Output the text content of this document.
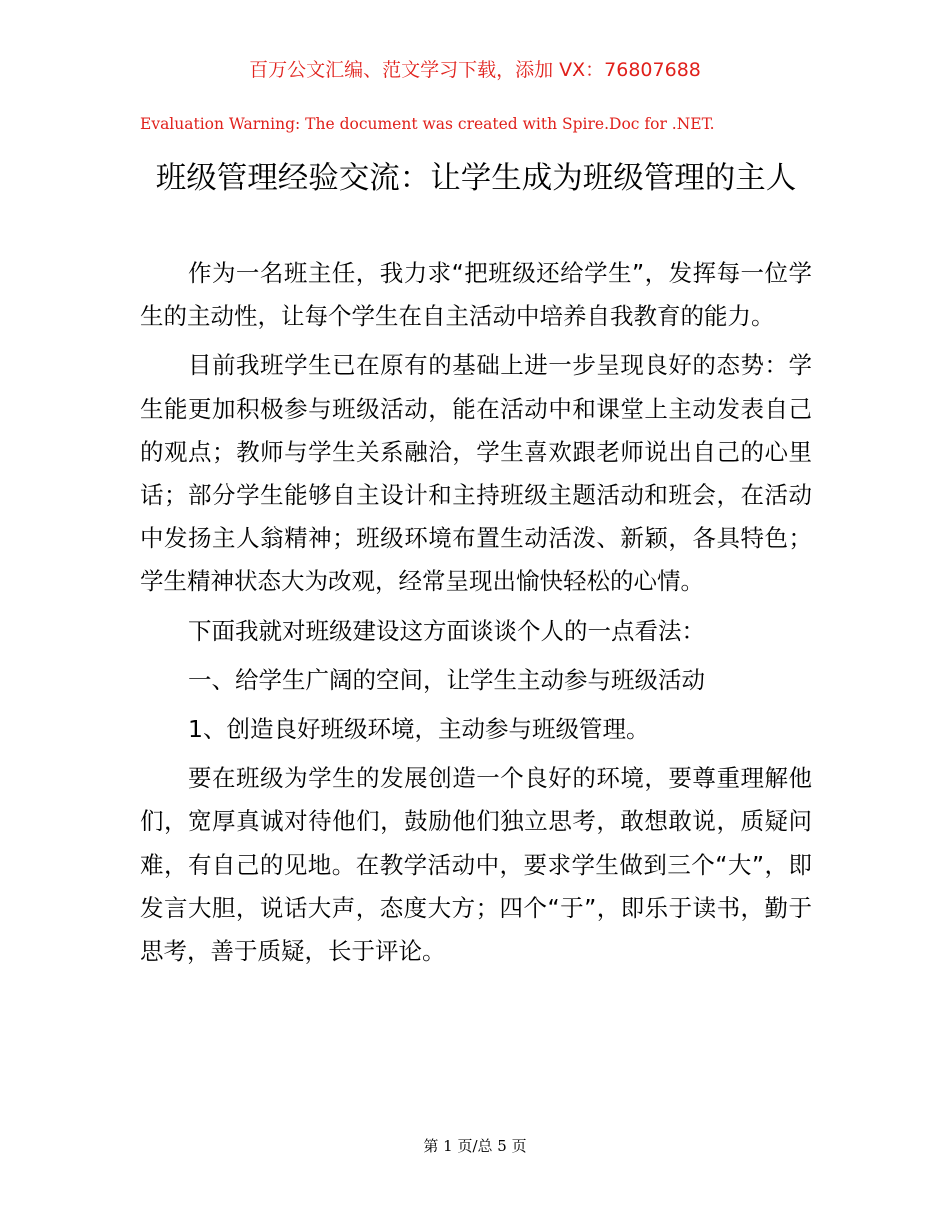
百万公文汇编、范文学习下载，添加 VX：76807688
Evaluation Warning: The document was created with Spire.Doc for .NET.
班级管理经验交流：让学生成为班级管理的主人

作为一名班主任，我力求“把班级还给学生”，发挥每一位学生的主动性，让每个学生在自主活动中培养自我教育的能力。

目前我班学生已在原有的基础上进一步呈现良好的态势：学生能更加积极参与班级活动，能在活动中和课堂上主动发表自己的观点；教师与学生关系融洽，学生喜欢跟老师说出自己的心里话；部分学生能够自主设计和主持班级主题活动和班会，在活动中发扬主人翁精神；班级环境布置生动活泼、新颖，各具特色；学生精神状态大为改观，经常呈现出愉快轻松的心情。

下面我就对班级建设这方面谈谈个人的一点看法：

一、给学生广阔的空间，让学生主动参与班级活动

1、创造良好班级环境，主动参与班级管理。

要在班级为学生的发展创造一个良好的环境，要尊重理解他们，宽厚真诚对待他们，鼓励他们独立思考，敢想敢说，质疑问难，有自己的见地。在教学活动中，要求学生做到三个“大”，即发言大胆，说话大声，态度大方；四个“于”，即乐于读书，勤于思考，善于质疑，长于评论。

第 1 页/总 5 页
